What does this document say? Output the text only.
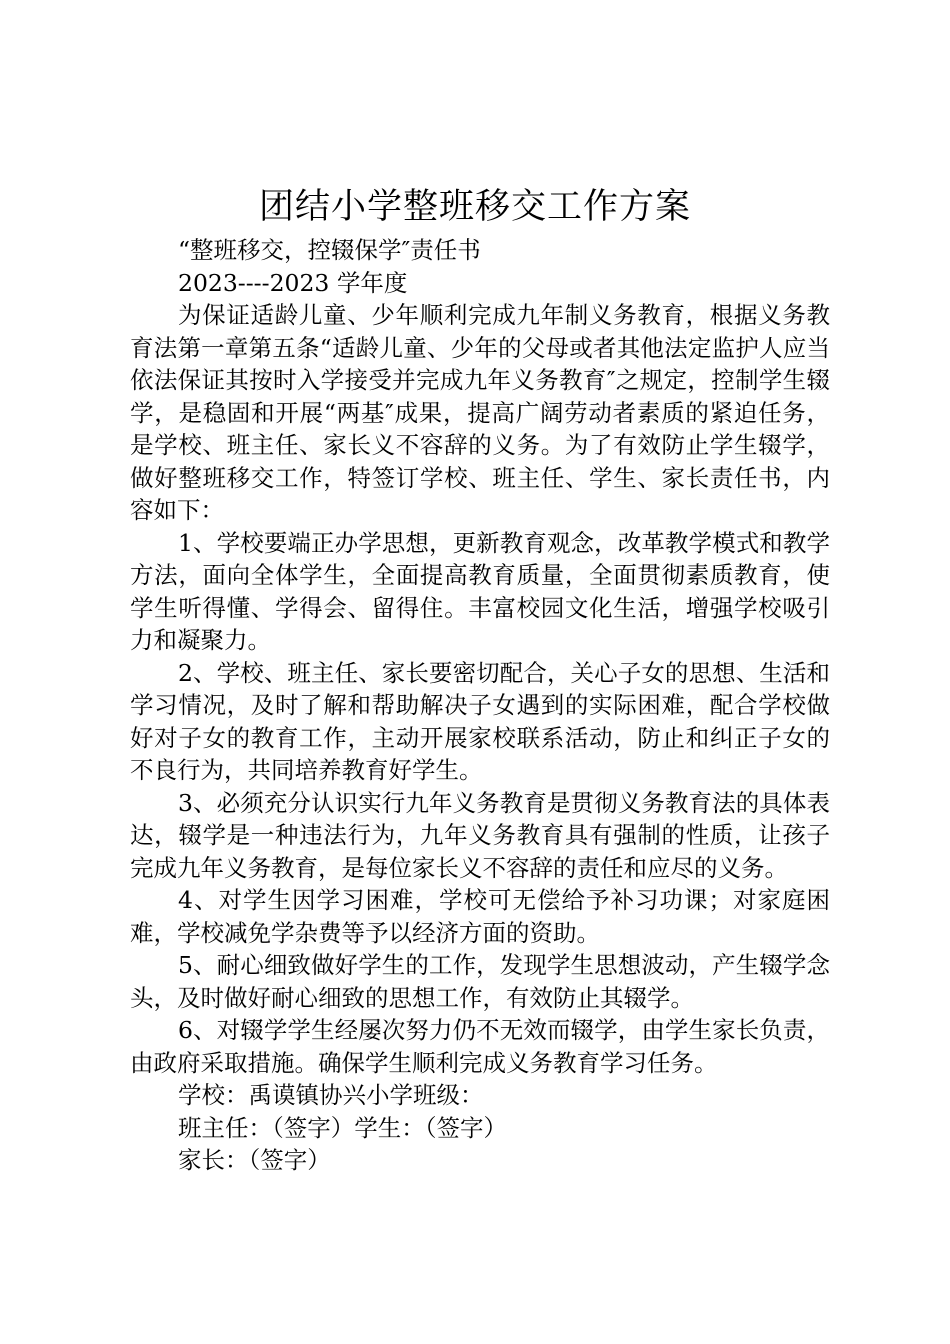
团结小学整班移交工作方案

“整班移交，控辍保学″责任书

2023----2023 学年度

为保证适龄儿童、少年顺利完成九年制义务教育，根据义务教育法第一章第五条“适龄儿童、少年的父母或者其他法定监护人应当依法保证其按时入学接受并完成九年义务教育″之规定，控制学生辍学，是稳固和开展“两基″成果，提高广阔劳动者素质的紧迫任务，是学校、班主任、家长义不容辞的义务。为了有效防止学生辍学，做好整班移交工作，特签订学校、班主任、学生、家长责任书，内容如下：

1、学校要端正办学思想，更新教育观念，改革教学模式和教学方法，面向全体学生，全面提高教育质量，全面贯彻素质教育，使学生听得懂、学得会、留得住。丰富校园文化生活，增强学校吸引力和凝聚力。

2、学校、班主任、家长要密切配合，关心子女的思想、生活和学习情况，及时了解和帮助解决子女遇到的实际困难，配合学校做好对子女的教育工作，主动开展家校联系活动，防止和纠正子女的不良行为，共同培养教育好学生。

3、必须充分认识实行九年义务教育是贯彻义务教育法的具体表达，辍学是一种违法行为，九年义务教育具有强制的性质，让孩子完成九年义务教育，是每位家长义不容辞的责任和应尽的义务。

4、对学生因学习困难，学校可无偿给予补习功课；对家庭困难，学校减免学杂费等予以经济方面的资助。

5、耐心细致做好学生的工作，发现学生思想波动，产生辍学念头，及时做好耐心细致的思想工作，有效防止其辍学。

6、对辍学学生经屡次努力仍不无效而辍学，由学生家长负责，由政府采取措施。确保学生顺利完成义务教育学习任务。

学校：禹谟镇协兴小学班级：

班主任：（签字）学生：（签字）

家长：（签字）
